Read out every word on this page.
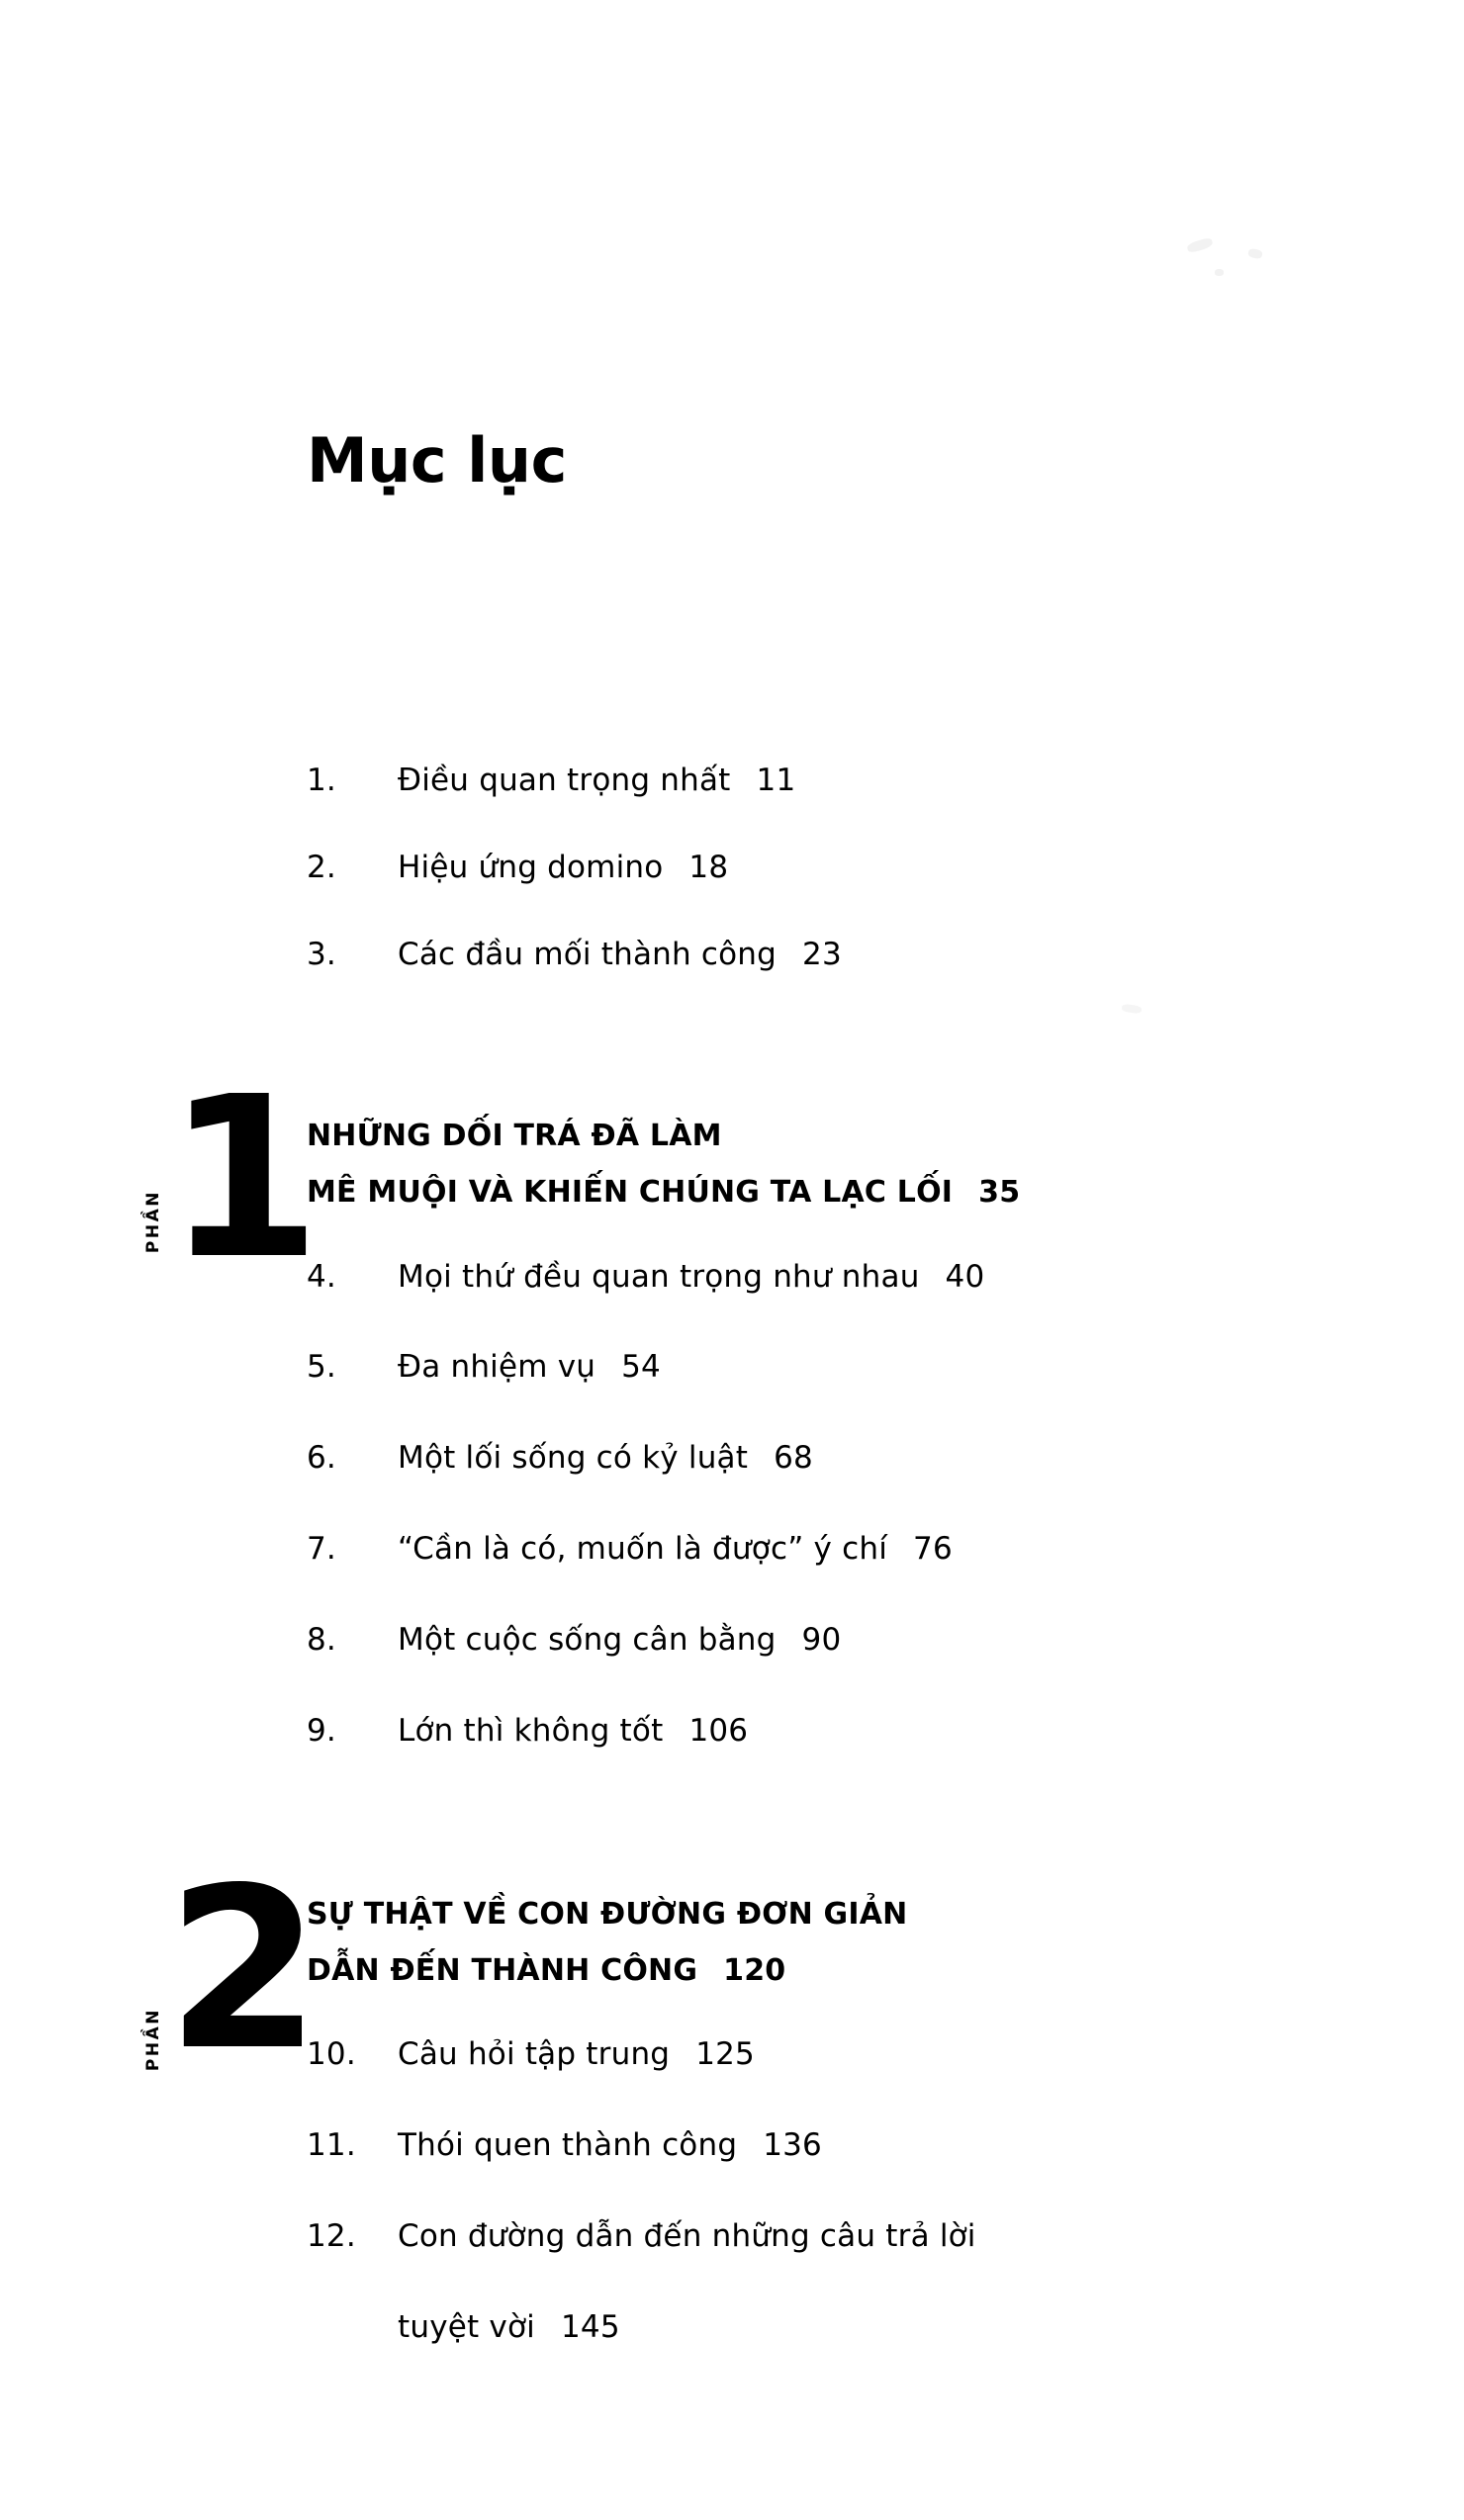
Mục lục
1.	Điều quan trọng nhất 11
2.	Hiệu ứng domino 18
3.	Các đầu mối thành công 23
PHẦN 1
NHỮNG DỐI TRÁ ĐÃ LÀM
MÊ MUỘI VÀ KHIẾN CHÚNG TA LẠC LỐI 35
4.	Mọi thứ đều quan trọng như nhau 40
5.	Đa nhiệm vụ 54
6.	Một lối sống có kỷ luật 68
7.	“Cần là có, muốn là được” ý chí 76
8.	Một cuộc sống cân bằng 90
9.	Lớn thì không tốt 106
PHẦN 2
SỰ THẬT VỀ CON ĐƯỜNG ĐƠN GIẢN
DẪN ĐẾN THÀNH CÔNG 120
10.	Câu hỏi tập trung 125
11.	Thói quen thành công 136
12.	Con đường dẫn đến những câu trả lời
tuyệt vời 145
